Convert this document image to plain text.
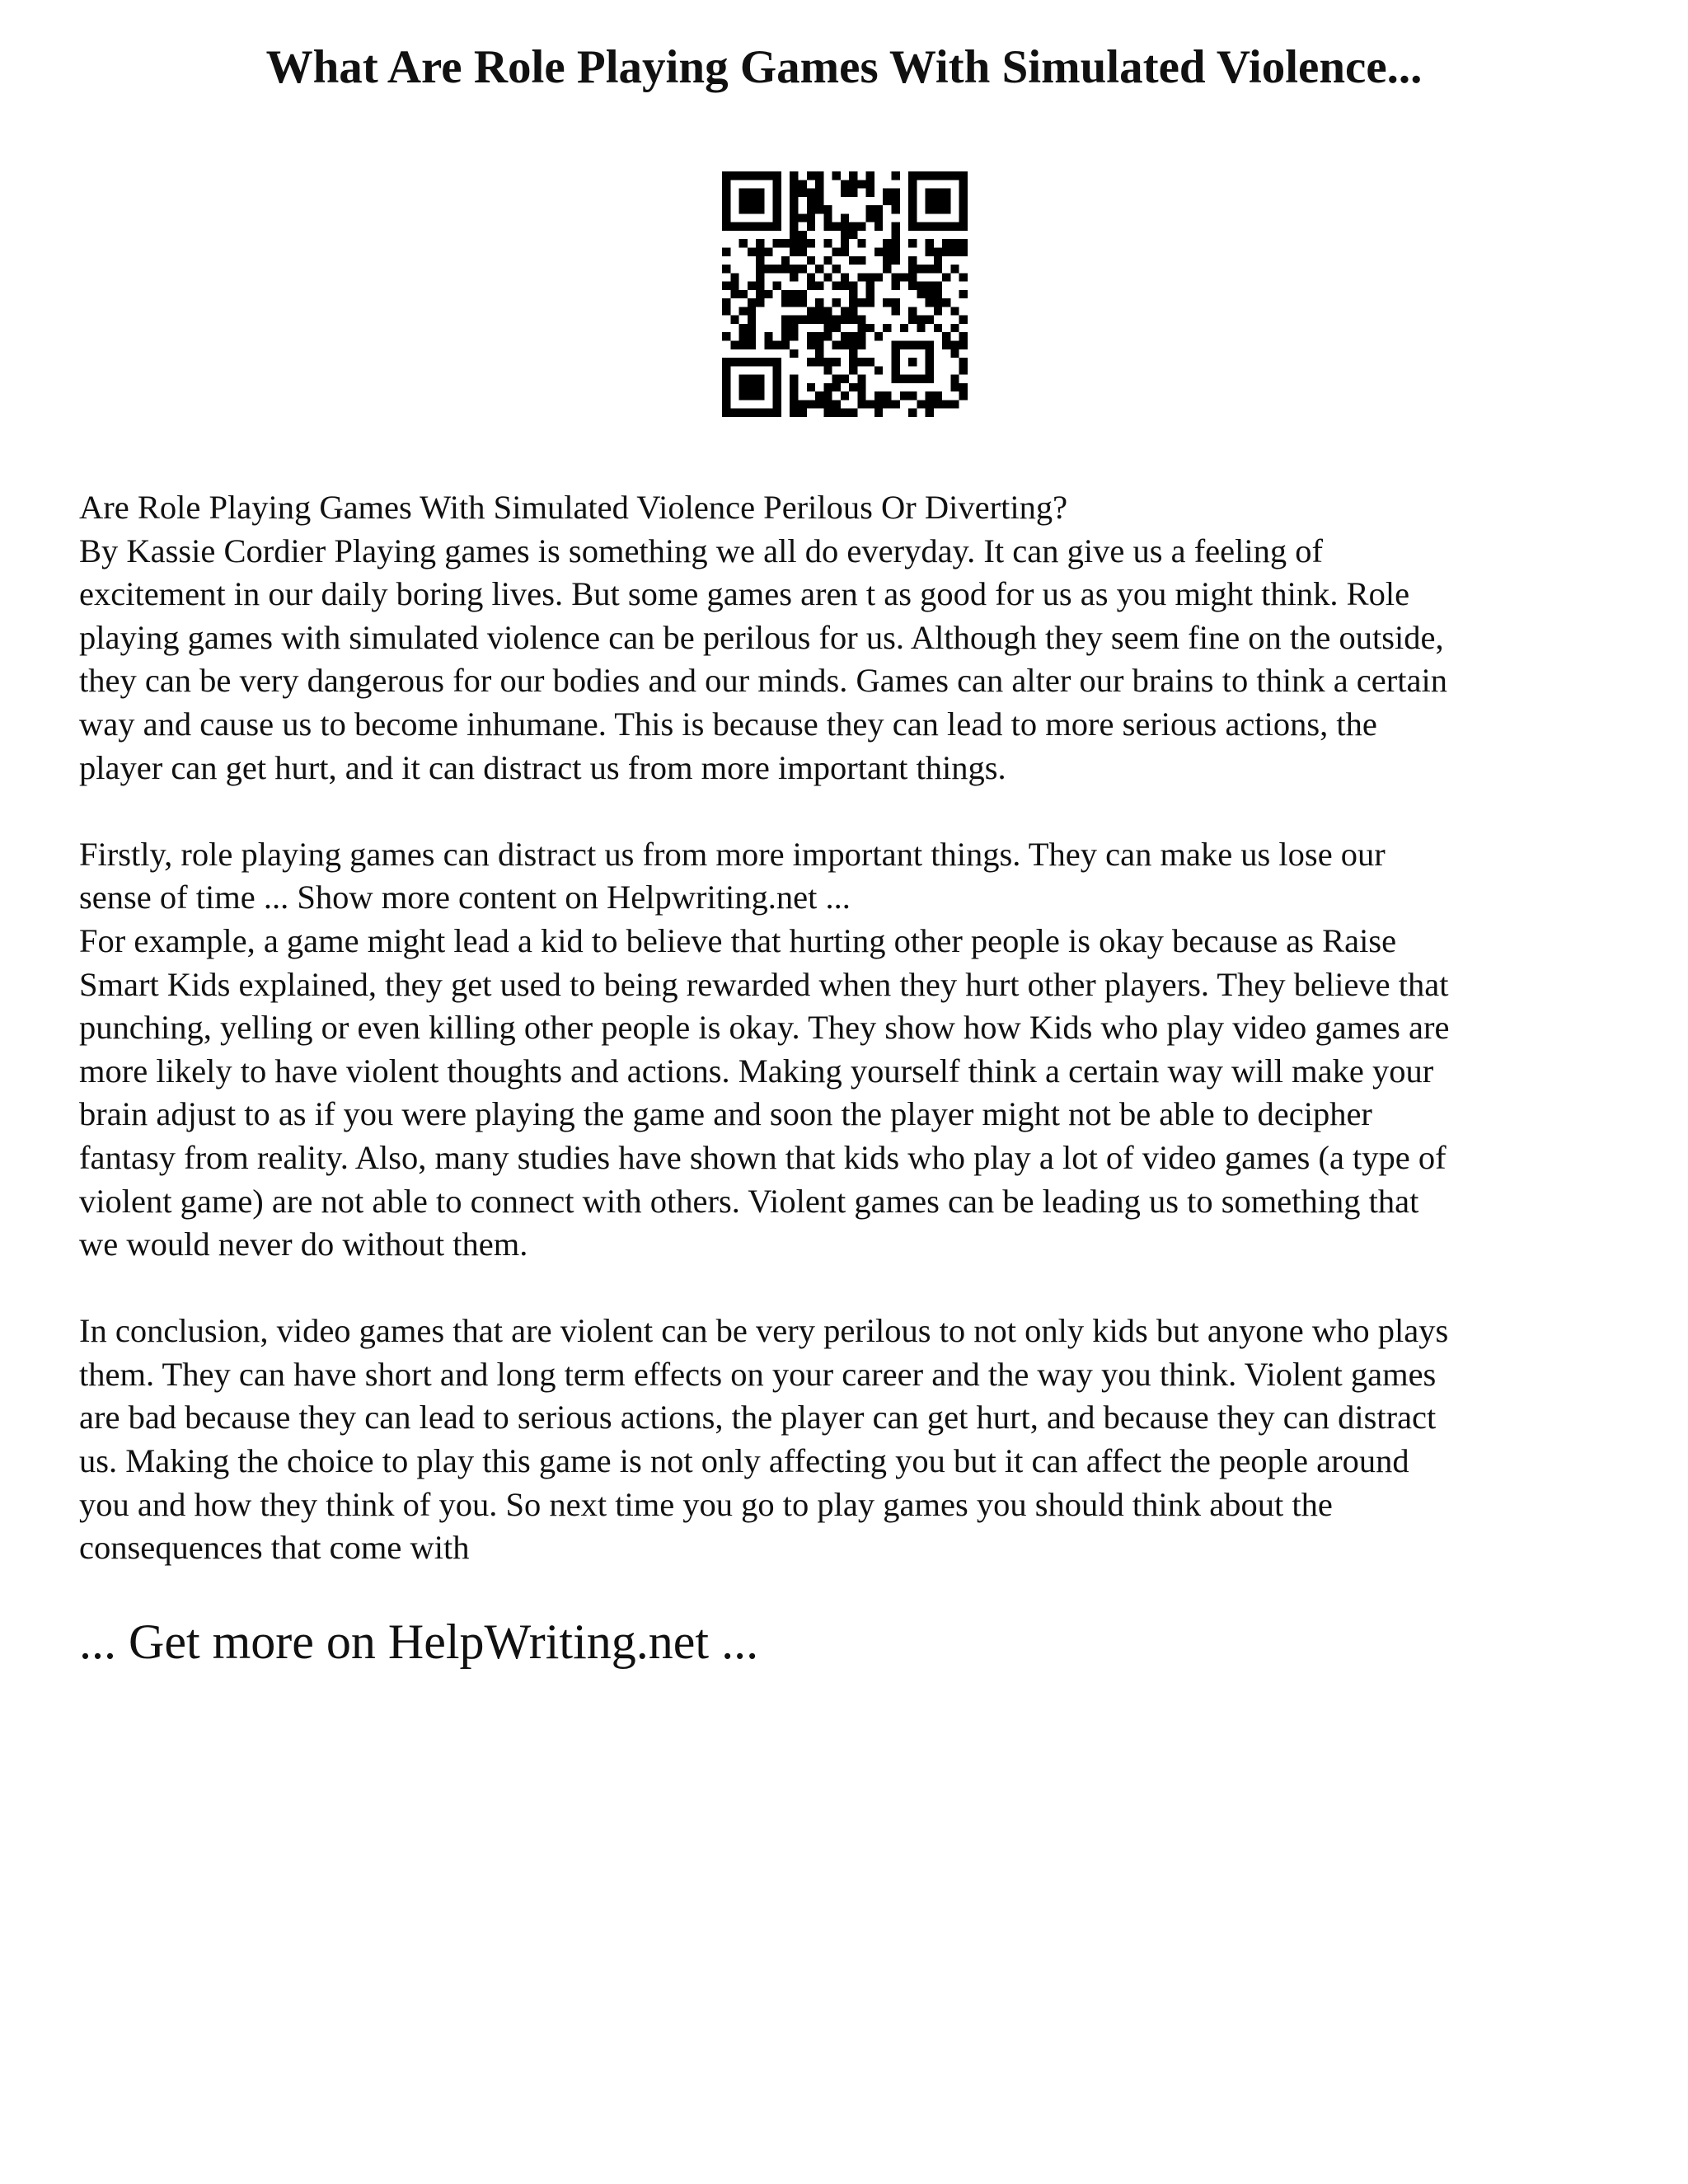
What Are Role Playing Games With Simulated Violence...

Are Role Playing Games With Simulated Violence Perilous Or Diverting?
By Kassie Cordier Playing games is something we all do everyday. It can give us a feeling of
excitement in our daily boring lives. But some games aren t as good for us as you might think. Role
playing games with simulated violence can be perilous for us. Although they seem fine on the outside,
they can be very dangerous for our bodies and our minds. Games can alter our brains to think a certain
way and cause us to become inhumane. This is because they can lead to more serious actions, the
player can get hurt, and it can distract us from more important things.

Firstly, role playing games can distract us from more important things. They can make us lose our
sense of time ... Show more content on Helpwriting.net ...
For example, a game might lead a kid to believe that hurting other people is okay because as Raise
Smart Kids explained, they get used to being rewarded when they hurt other players. They believe that
punching, yelling or even killing other people is okay. They show how Kids who play video games are
more likely to have violent thoughts and actions. Making yourself think a certain way will make your
brain adjust to as if you were playing the game and soon the player might not be able to decipher
fantasy from reality. Also, many studies have shown that kids who play a lot of video games (a type of
violent game) are not able to connect with others. Violent games can be leading us to something that
we would never do without them.

In conclusion, video games that are violent can be very perilous to not only kids but anyone who plays
them. They can have short and long term effects on your career and the way you think. Violent games
are bad because they can lead to serious actions, the player can get hurt, and because they can distract
us. Making the choice to play this game is not only affecting you but it can affect the people around
you and how they think of you. So next time you go to play games you should think about the
consequences that come with

... Get more on HelpWriting.net ...
